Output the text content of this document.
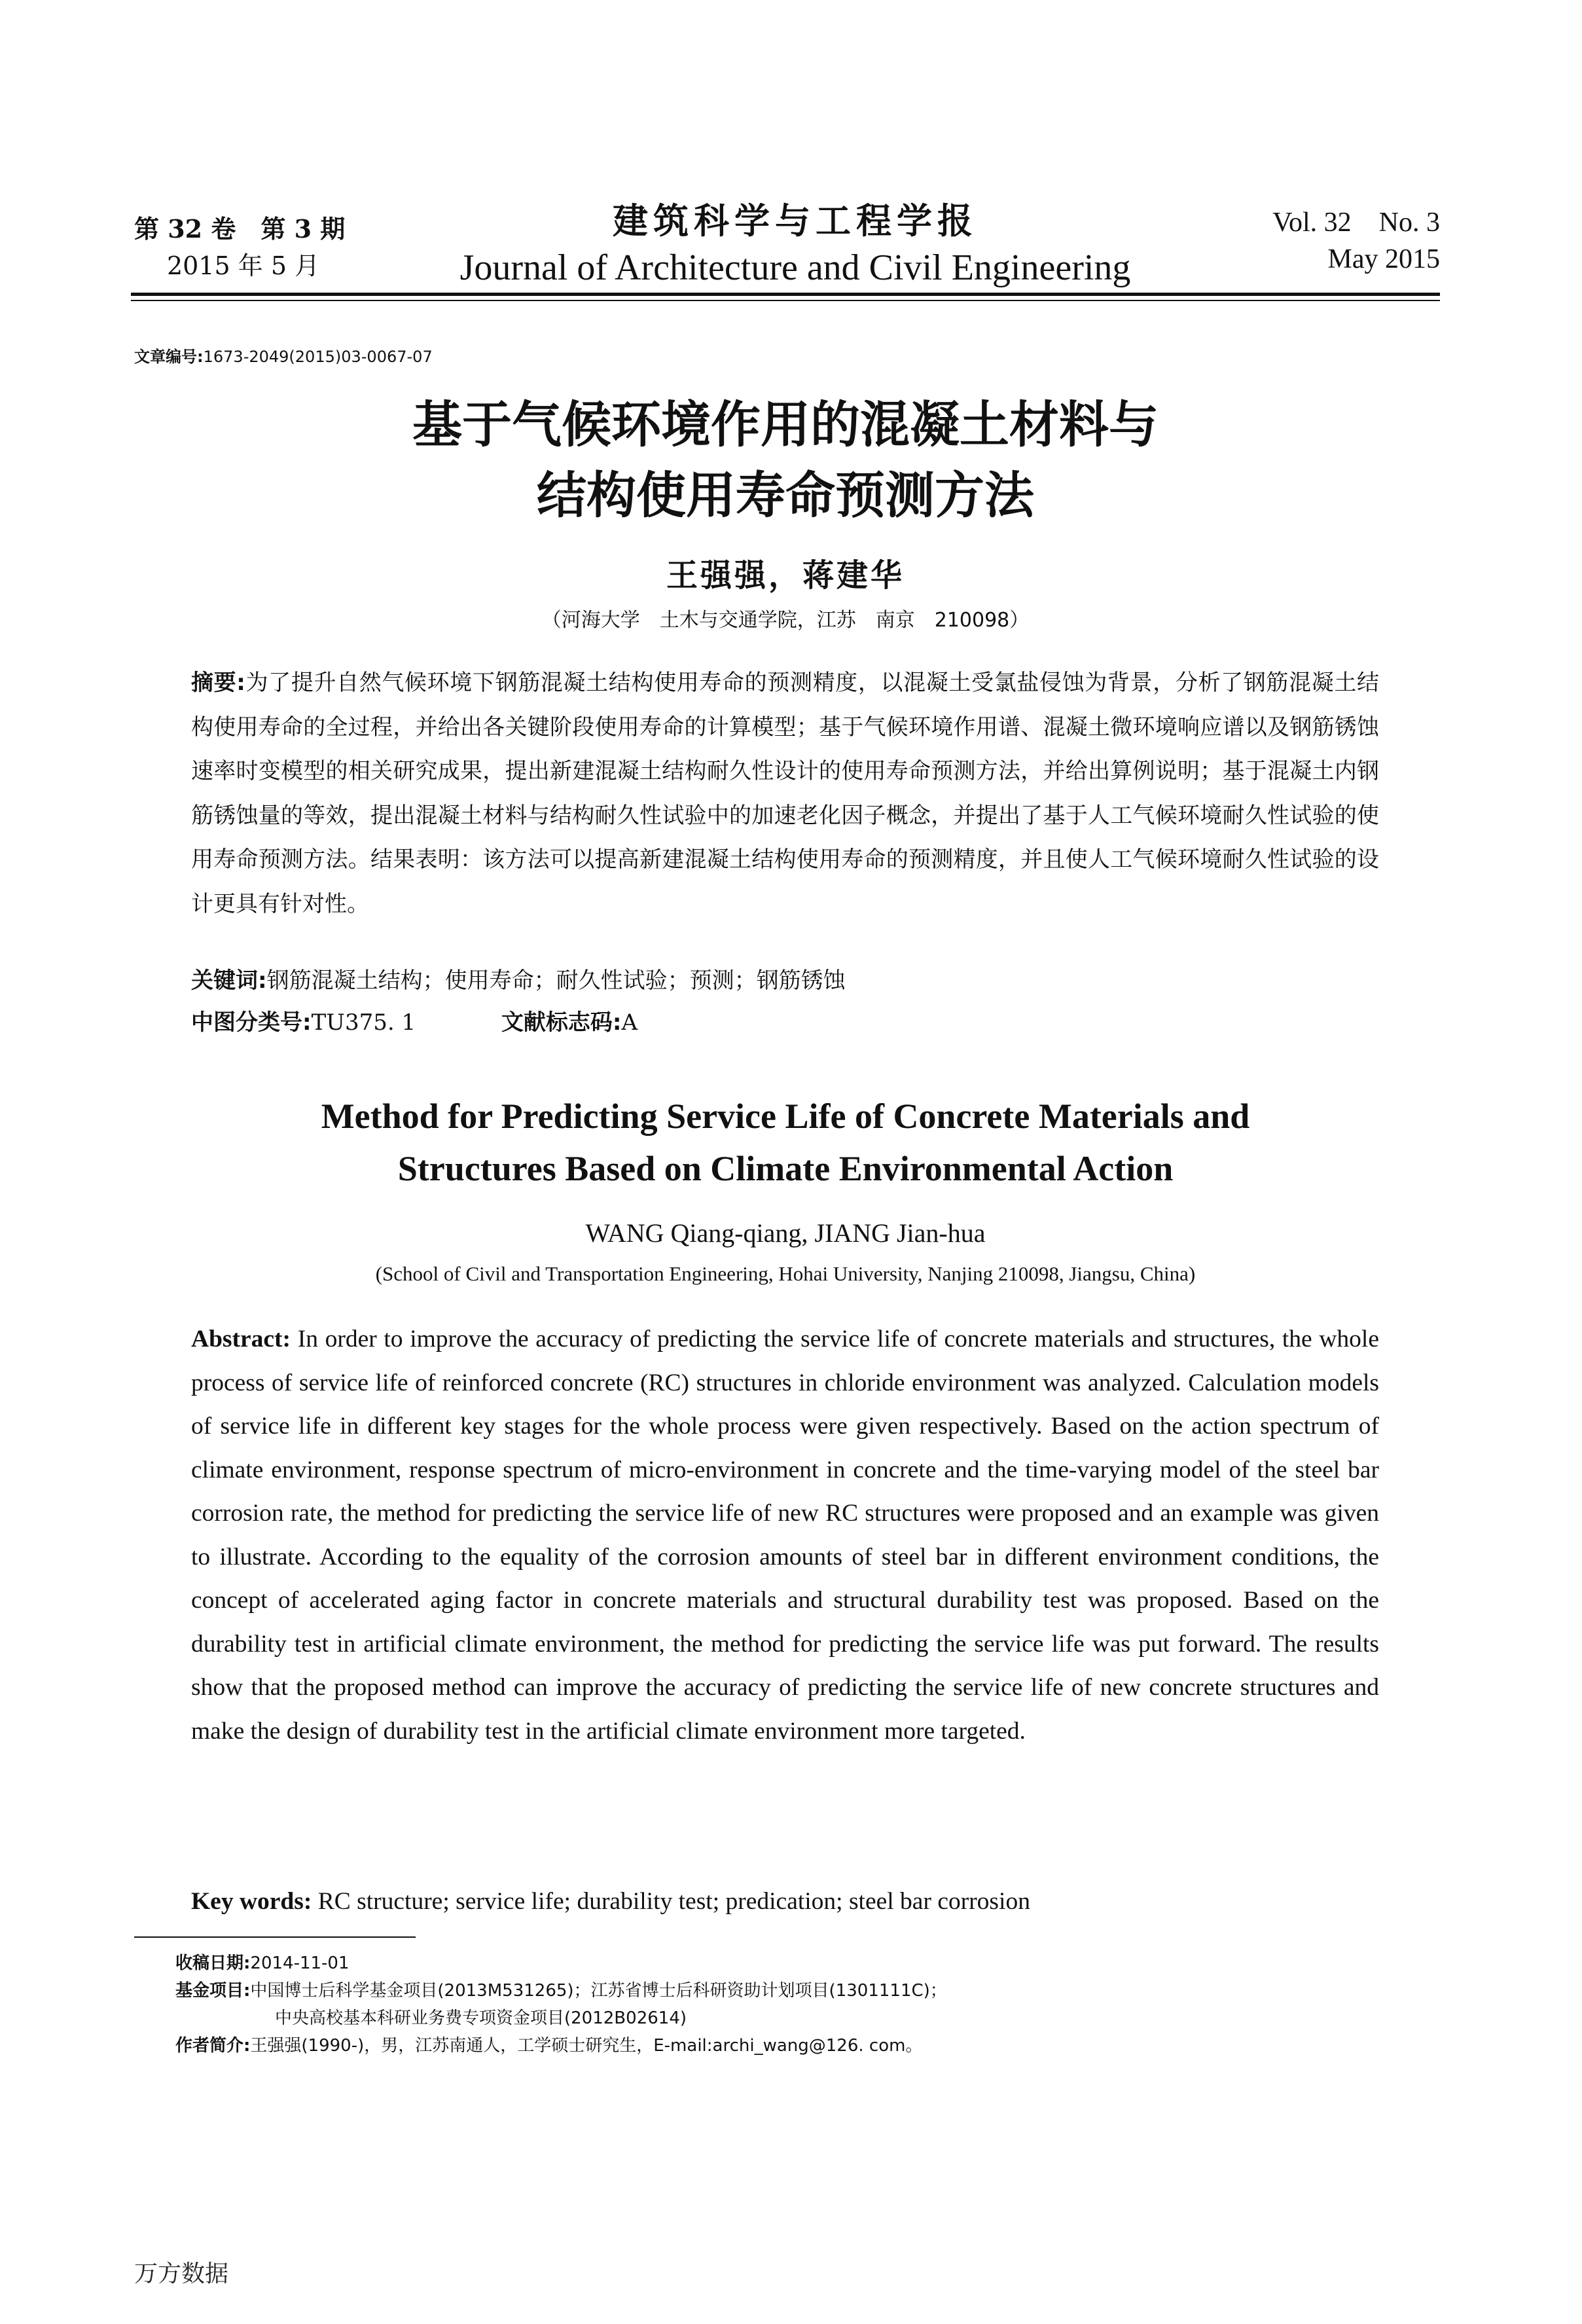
第 32 卷　第 3 期
2015 年 5 月
建筑科学与工程学报
Journal of Architecture and Civil Engineering
Vol. 32　No. 3
May 2015
文章编号:1673-2049(2015)03-0067-07
基于气候环境作用的混凝土材料与
结构使用寿命预测方法
王强强，蒋建华
（河海大学　土木与交通学院，江苏　南京　210098）
摘要:为了提升自然气候环境下钢筋混凝土结构使用寿命的预测精度，以混凝土受氯盐侵蚀为背景，分析了钢筋混凝土结构使用寿命的全过程，并给出各关键阶段使用寿命的计算模型；基于气候环境作用谱、混凝土微环境响应谱以及钢筋锈蚀速率时变模型的相关研究成果，提出新建混凝土结构耐久性设计的使用寿命预测方法，并给出算例说明；基于混凝土内钢筋锈蚀量的等效，提出混凝土材料与结构耐久性试验中的加速老化因子概念，并提出了基于人工气候环境耐久性试验的使用寿命预测方法。结果表明：该方法可以提高新建混凝土结构使用寿命的预测精度，并且使人工气候环境耐久性试验的设计更具有针对性。
关键词:钢筋混凝土结构；使用寿命；耐久性试验；预测；钢筋锈蚀
中图分类号:TU375. 1	文献标志码:A
Method for Predicting Service Life of Concrete Materials and
Structures Based on Climate Environmental Action
WANG Qiang-qiang, JIANG Jian-hua
(School of Civil and Transportation Engineering, Hohai University, Nanjing 210098, Jiangsu, China)
Abstract: In order to improve the accuracy of predicting the service life of concrete materials and structures, the whole process of service life of reinforced concrete (RC) structures in chloride environment was analyzed. Calculation models of service life in different key stages for the whole process were given respectively. Based on the action spectrum of climate environment, response spectrum of micro-environment in concrete and the time-varying model of the steel bar corrosion rate, the method for predicting the service life of new RC structures were proposed and an example was given to illustrate. According to the equality of the corrosion amounts of steel bar in different environment conditions, the concept of accelerated aging factor in concrete materials and structural durability test was proposed. Based on the durability test in artificial climate environment, the method for predicting the service life was put forward. The results show that the proposed method can improve the accuracy of predicting the service life of new concrete structures and make the design of durability test in the artificial climate environment more targeted.
Key words: RC structure; service life; durability test; predication; steel bar corrosion
收稿日期:2014-11-01
基金项目:中国博士后科学基金项目(2013M531265)；江苏省博士后科研资助计划项目(1301111C)；
中央高校基本科研业务费专项资金项目(2012B02614)
作者简介:王强强(1990-)，男，江苏南通人，工学硕士研究生，E-mail:archi_wang@126. com。
万方数据
